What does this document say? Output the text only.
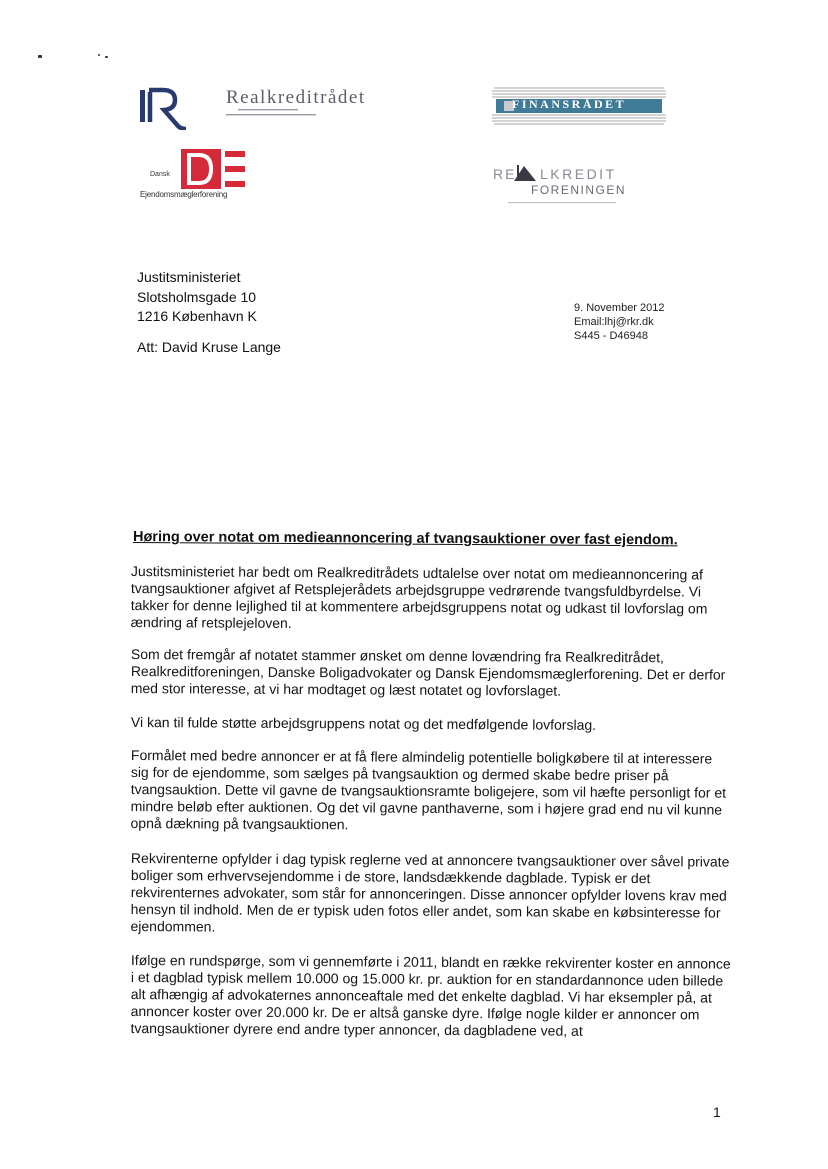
Realkreditrådet	FINANSRÅDET
Dansk
Ejendomsmæglerforening
RE LKREDIT
FORENINGEN
Justitsministeriet
Slotsholmsgade 10
1216 København K	9. November 2012
Email:lhj@rkr.dk
S445 - D46948
Att: David Kruse Lange
Høring over notat om medieannoncering af tvangsauktioner over fast ejendom.
Justitsministeriet har bedt om Realkreditrådets udtalelse over notat om medieannoncering af tvangsauktioner afgivet af Retsplejerådets arbejdsgruppe vedrørende tvangsfuldbyrdelse. Vi takker for denne lejlighed til at kommentere arbejdsgruppens notat og udkast til lovforslag om ændring af retsplejeloven.
Som det fremgår af notatet stammer ønsket om denne lovændring fra Realkreditrådet, Realkreditforeningen, Danske Boligadvokater og Dansk Ejendomsmæglerforening. Det er derfor med stor interesse, at vi har modtaget og læst notatet og lovforslaget.
Vi kan til fulde støtte arbejdsgruppens notat og det medfølgende lovforslag.
Formålet med bedre annoncer er at få flere almindelig potentielle boligkøbere til at interessere sig for de ejendomme, som sælges på tvangsauktion og dermed skabe bedre priser på tvangsauktion. Dette vil gavne de tvangsauktionsramte boligejere, som vil hæfte personligt for et mindre beløb efter auktionen. Og det vil gavne panthaverne, som i højere grad end nu vil kunne opnå dækning på tvangsauktionen.
Rekvirenterne opfylder i dag typisk reglerne ved at annoncere tvangsauktioner over såvel private boliger som erhvervsejendomme i de store, landsdækkende dagblade. Typisk er det rekvirenternes advokater, som står for annonceringen. Disse annoncer opfylder lovens krav med hensyn til indhold. Men de er typisk uden fotos eller andet, som kan skabe en købsinteresse for ejendommen.
Ifølge en rundspørge, som vi gennemførte i 2011, blandt en række rekvirenter koster en annonce i et dagblad typisk mellem 10.000 og 15.000 kr. pr. auktion for en standardannonce uden billede alt afhængig af advokaternes annonceaftale med det enkelte dagblad. Vi har eksempler på, at annoncer koster over 20.000 kr. De er altså ganske dyre. Ifølge nogle kilder er annoncer om tvangsauktioner dyrere end andre typer annoncer, da dagbladene ved, at
1
